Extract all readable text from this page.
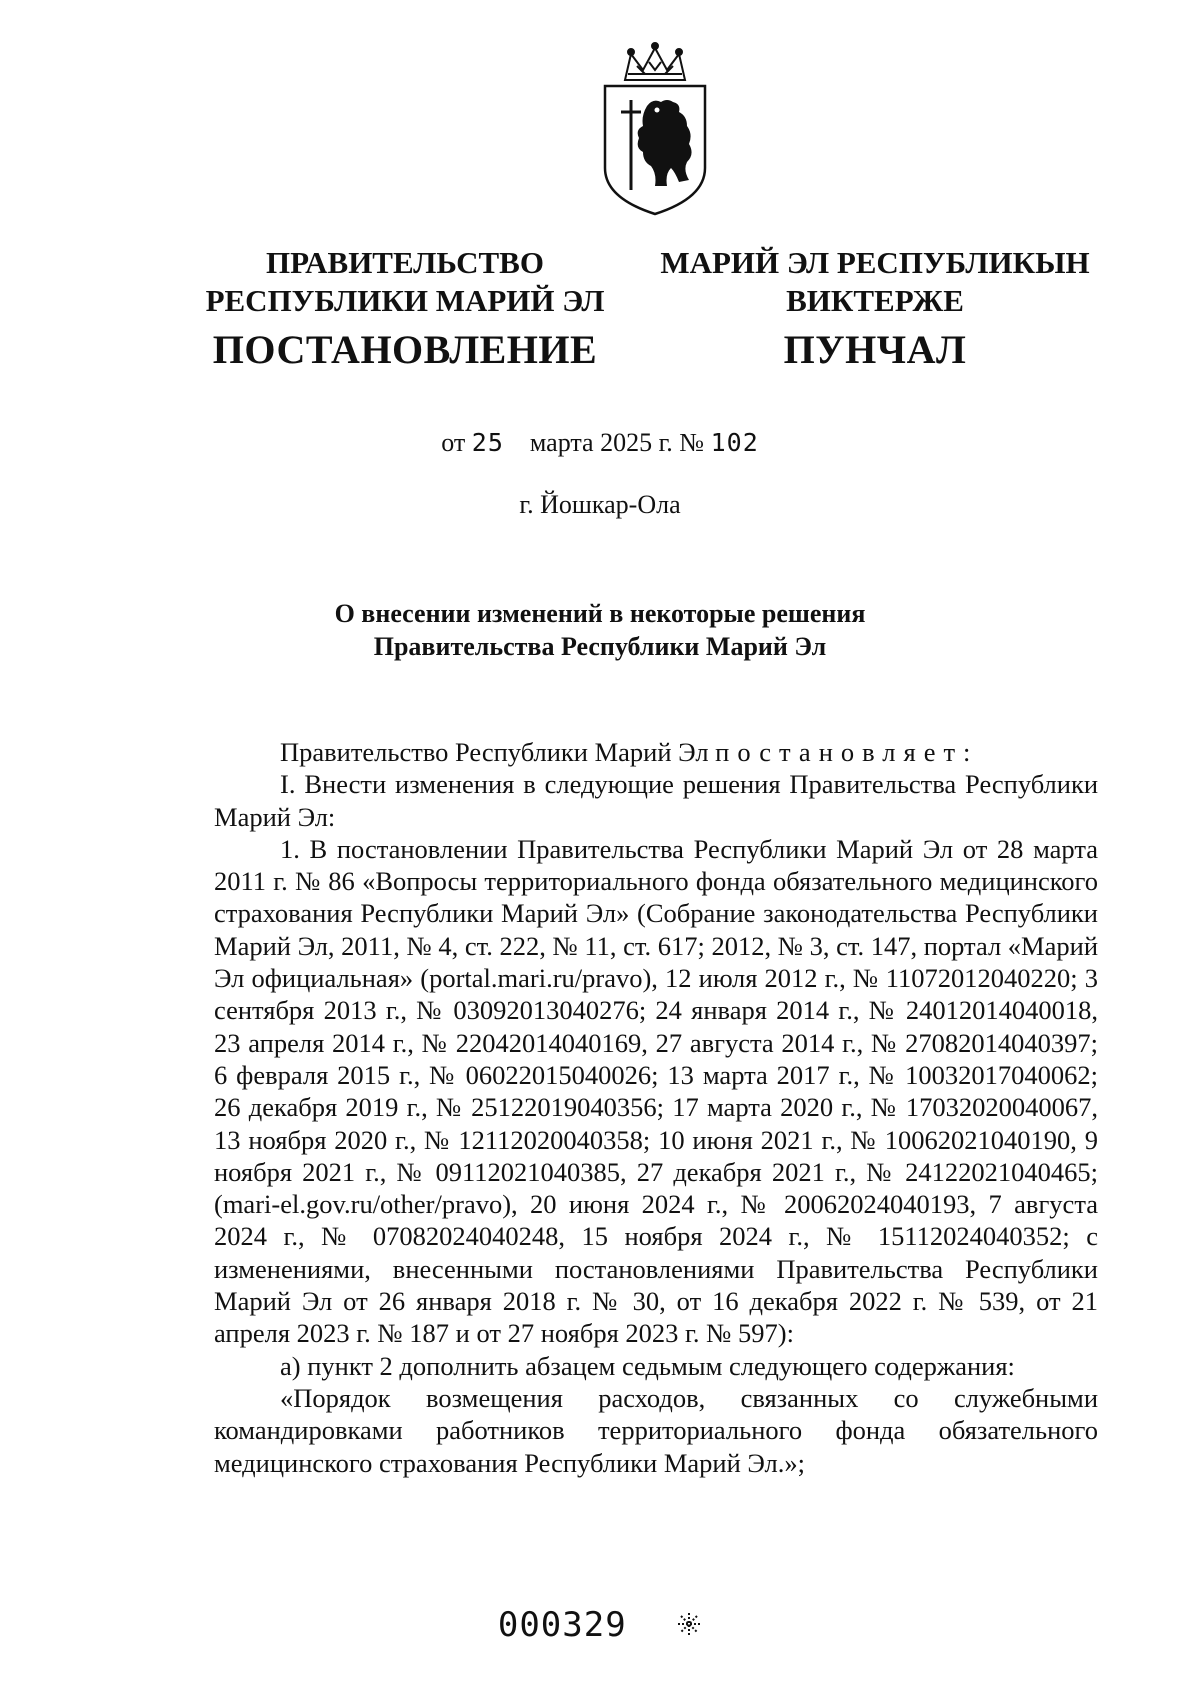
ПРАВИТЕЛЬСТВО
РЕСПУБЛИКИ МАРИЙ ЭЛ
МАРИЙ ЭЛ РЕСПУБЛИКЫН
ВИКТЕРЖЕ
ПОСТАНОВЛЕНИЕ	ПУНЧАЛ
от 25 марта 2025 г. № 102
г. Йошкар-Ола
О внесении изменений в некоторые решения
Правительства Республики Марий Эл

Правительство Республики Марий Эл постановляет:

I. Внести изменения в следующие решения Правительства Республики Марий Эл:

1. В постановлении Правительства Республики Марий Эл от 28 марта 2011 г. № 86 «Вопросы территориального фонда обязательного медицинского страхования Республики Марий Эл» (Собрание законодательства Республики Марий Эл, 2011, № 4, ст. 222, № 11, ст. 617; 2012, № 3, ст. 147, портал «Марий Эл официальная» (portal.mari.ru/pravo), 12 июля 2012 г., № 11072012040220; 3 сентября 2013 г., № 03092013040276; 24 января 2014 г., № 24012014040018, 23 апреля 2014 г., № 22042014040169, 27 августа 2014 г., № 27082014040397; 6 февраля 2015 г., № 06022015040026; 13 марта 2017 г., № 10032017040062; 26 декабря 2019 г., № 25122019040356; 17 марта 2020 г., № 17032020040067, 13 ноября 2020 г., № 12112020040358; 10 июня 2021 г., № 10062021040190, 9 ноября 2021 г., № 09112021040385, 27 декабря 2021 г., № 24122021040465; (mari-el.gov.ru/other/pravo), 20 июня 2024 г., № 20062024040193, 7 августа 2024 г., № 07082024040248, 15 ноября 2024 г., № 15112024040352; с изменениями, внесенными постановлениями Правительства Республики Марий Эл от 26 января 2018 г. № 30, от 16 декабря 2022 г. № 539, от 21 апреля 2023 г. № 187 и от 27 ноября 2023 г. № 597):

а) пункт 2 дополнить абзацем седьмым следующего содержания:

«Порядок возмещения расходов, связанных со служебными командировками работников территориального фонда обязательного медицинского страхования Республики Марий Эл.»;

000329
